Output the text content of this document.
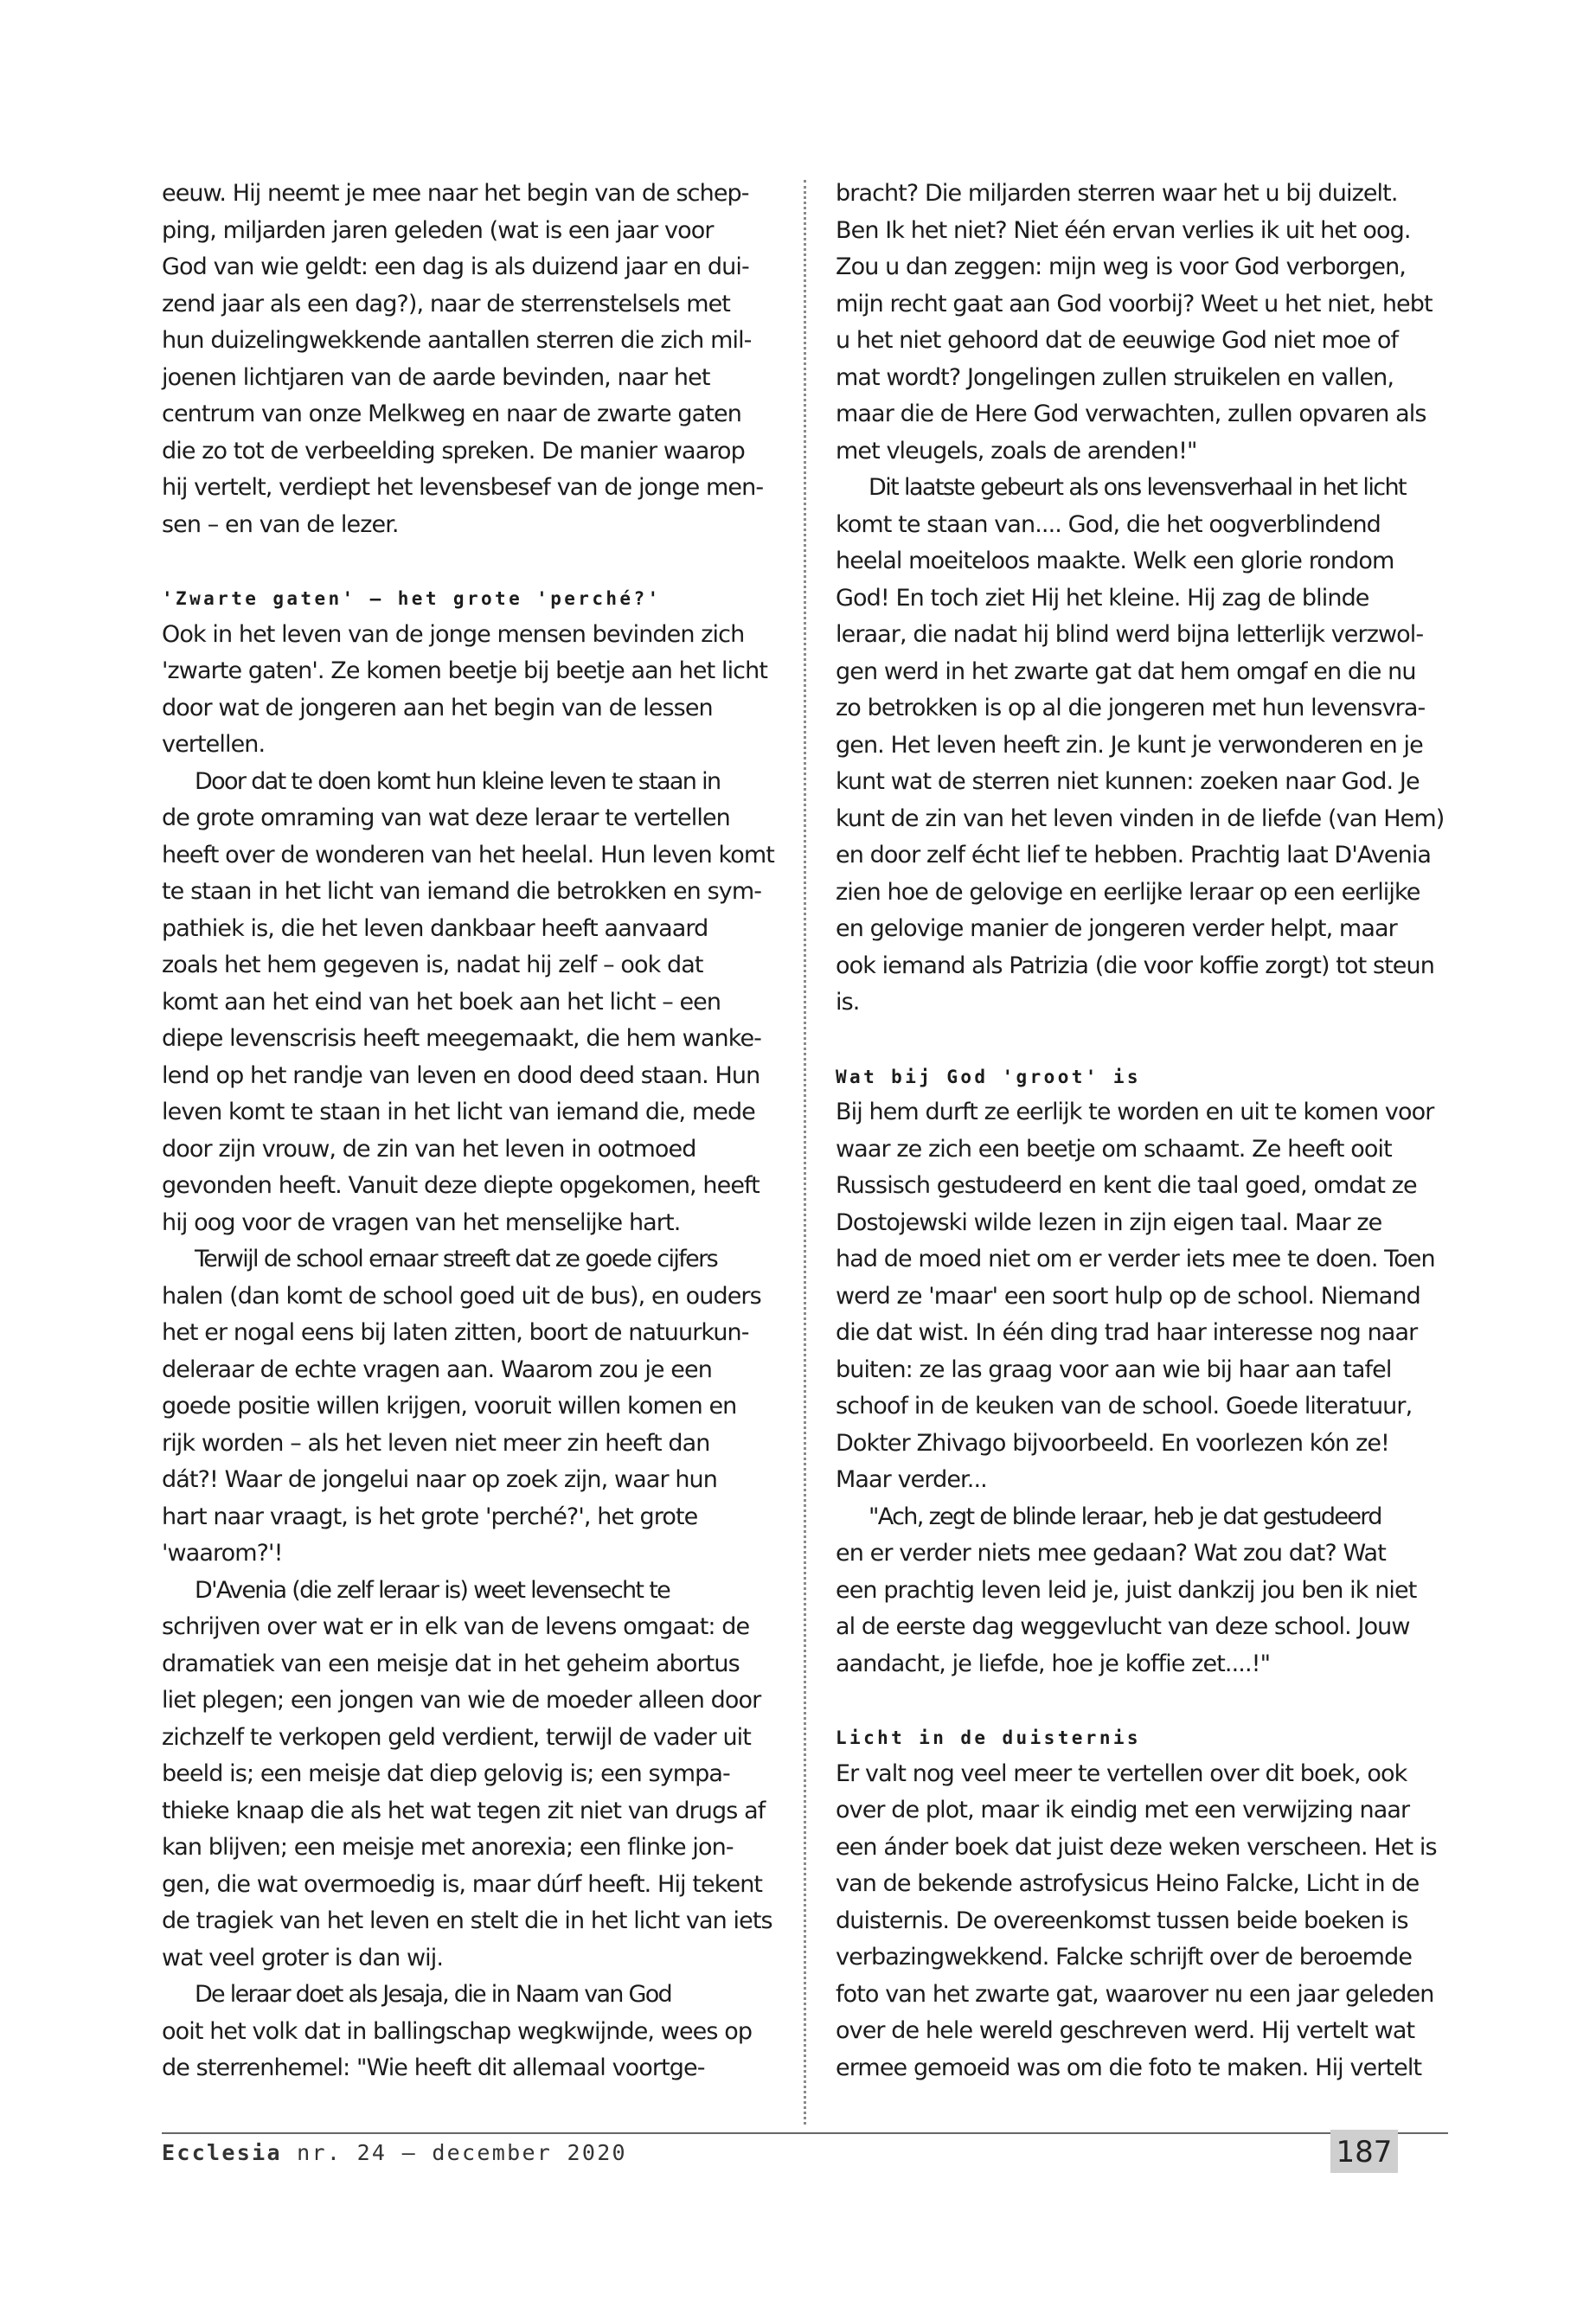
eeuw. Hij neemt je mee naar het begin van de schep-
ping, miljarden jaren geleden (wat is een jaar voor
God van wie geldt: een dag is als duizend jaar en dui-
zend jaar als een dag?), naar de sterrenstelsels met
hun duizelingwekkende aantallen sterren die zich mil-
joenen lichtjaren van de aarde bevinden, naar het
centrum van onze Melkweg en naar de zwarte gaten
die zo tot de verbeelding spreken. De manier waarop
hij vertelt, verdiept het levensbesef van de jonge men-
sen – en van de lezer.
'Zwarte gaten' – het grote 'perché?'
Ook in het leven van de jonge mensen bevinden zich
'zwarte gaten'. Ze komen beetje bij beetje aan het licht
door wat de jongeren aan het begin van de lessen
vertellen.
Door dat te doen komt hun kleine leven te staan in
de grote omraming van wat deze leraar te vertellen
heeft over de wonderen van het heelal. Hun leven komt
te staan in het licht van iemand die betrokken en sym-
pathiek is, die het leven dankbaar heeft aanvaard
zoals het hem gegeven is, nadat hij zelf – ook dat
komt aan het eind van het boek aan het licht – een
diepe levenscrisis heeft meegemaakt, die hem wanke-
lend op het randje van leven en dood deed staan. Hun
leven komt te staan in het licht van iemand die, mede
door zijn vrouw, de zin van het leven in ootmoed
gevonden heeft. Vanuit deze diepte opgekomen, heeft
hij oog voor de vragen van het menselijke hart.
Terwijl de school ernaar streeft dat ze goede cijfers
halen (dan komt de school goed uit de bus), en ouders
het er nogal eens bij laten zitten, boort de natuurkun-
deleraar de echte vragen aan. Waarom zou je een
goede positie willen krijgen, vooruit willen komen en
rijk worden – als het leven niet meer zin heeft dan
dát?! Waar de jongelui naar op zoek zijn, waar hun
hart naar vraagt, is het grote 'perché?', het grote
'waarom?'!
D'Avenia (die zelf leraar is) weet levensecht te
schrijven over wat er in elk van de levens omgaat: de
dramatiek van een meisje dat in het geheim abortus
liet plegen; een jongen van wie de moeder alleen door
zichzelf te verkopen geld verdient, terwijl de vader uit
beeld is; een meisje dat diep gelovig is; een sympa-
thieke knaap die als het wat tegen zit niet van drugs af
kan blijven; een meisje met anorexia; een flinke jon-
gen, die wat overmoedig is, maar dúrf heeft. Hij tekent
de tragiek van het leven en stelt die in het licht van iets
wat veel groter is dan wij.
De leraar doet als Jesaja, die in Naam van God
ooit het volk dat in ballingschap wegkwijnde, wees op
de sterrenhemel: "Wie heeft dit allemaal voortge-
bracht? Die miljarden sterren waar het u bij duizelt.
Ben Ik het niet? Niet één ervan verlies ik uit het oog.
Zou u dan zeggen: mijn weg is voor God verborgen,
mijn recht gaat aan God voorbij? Weet u het niet, hebt
u het niet gehoord dat de eeuwige God niet moe of
mat wordt? Jongelingen zullen struikelen en vallen,
maar die de Here God verwachten, zullen opvaren als
met vleugels, zoals de arenden!"
Dit laatste gebeurt als ons levensverhaal in het licht
komt te staan van.... God, die het oogverblindend
heelal moeiteloos maakte. Welk een glorie rondom
God! En toch ziet Hij het kleine. Hij zag de blinde
leraar, die nadat hij blind werd bijna letterlijk verzwol-
gen werd in het zwarte gat dat hem omgaf en die nu
zo betrokken is op al die jongeren met hun levensvra-
gen. Het leven heeft zin. Je kunt je verwonderen en je
kunt wat de sterren niet kunnen: zoeken naar God. Je
kunt de zin van het leven vinden in de liefde (van Hem)
en door zelf écht lief te hebben. Prachtig laat D'Avenia
zien hoe de gelovige en eerlijke leraar op een eerlijke
en gelovige manier de jongeren verder helpt, maar
ook iemand als Patrizia (die voor koffie zorgt) tot steun
is.
Wat bij God 'groot' is
Bij hem durft ze eerlijk te worden en uit te komen voor
waar ze zich een beetje om schaamt. Ze heeft ooit
Russisch gestudeerd en kent die taal goed, omdat ze
Dostojewski wilde lezen in zijn eigen taal. Maar ze
had de moed niet om er verder iets mee te doen. Toen
werd ze 'maar' een soort hulp op de school. Niemand
die dat wist. In één ding trad haar interesse nog naar
buiten: ze las graag voor aan wie bij haar aan tafel
schoof in de keuken van de school. Goede literatuur,
Dokter Zhivago bijvoorbeeld. En voorlezen kón ze!
Maar verder...
"Ach, zegt de blinde leraar, heb je dat gestudeerd
en er verder niets mee gedaan? Wat zou dat? Wat
een prachtig leven leid je, juist dankzij jou ben ik niet
al de eerste dag weggevlucht van deze school. Jouw
aandacht, je liefde, hoe je koffie zet....!"
Licht in de duisternis
Er valt nog veel meer te vertellen over dit boek, ook
over de plot, maar ik eindig met een verwijzing naar
een ánder boek dat juist deze weken verscheen. Het is
van de bekende astrofysicus Heino Falcke, Licht in de
duisternis. De overeenkomst tussen beide boeken is
verbazingwekkend. Falcke schrijft over de beroemde
foto van het zwarte gat, waarover nu een jaar geleden
over de hele wereld geschreven werd. Hij vertelt wat
ermee gemoeid was om die foto te maken. Hij vertelt
Ecclesia nr. 24 – december 2020	187
